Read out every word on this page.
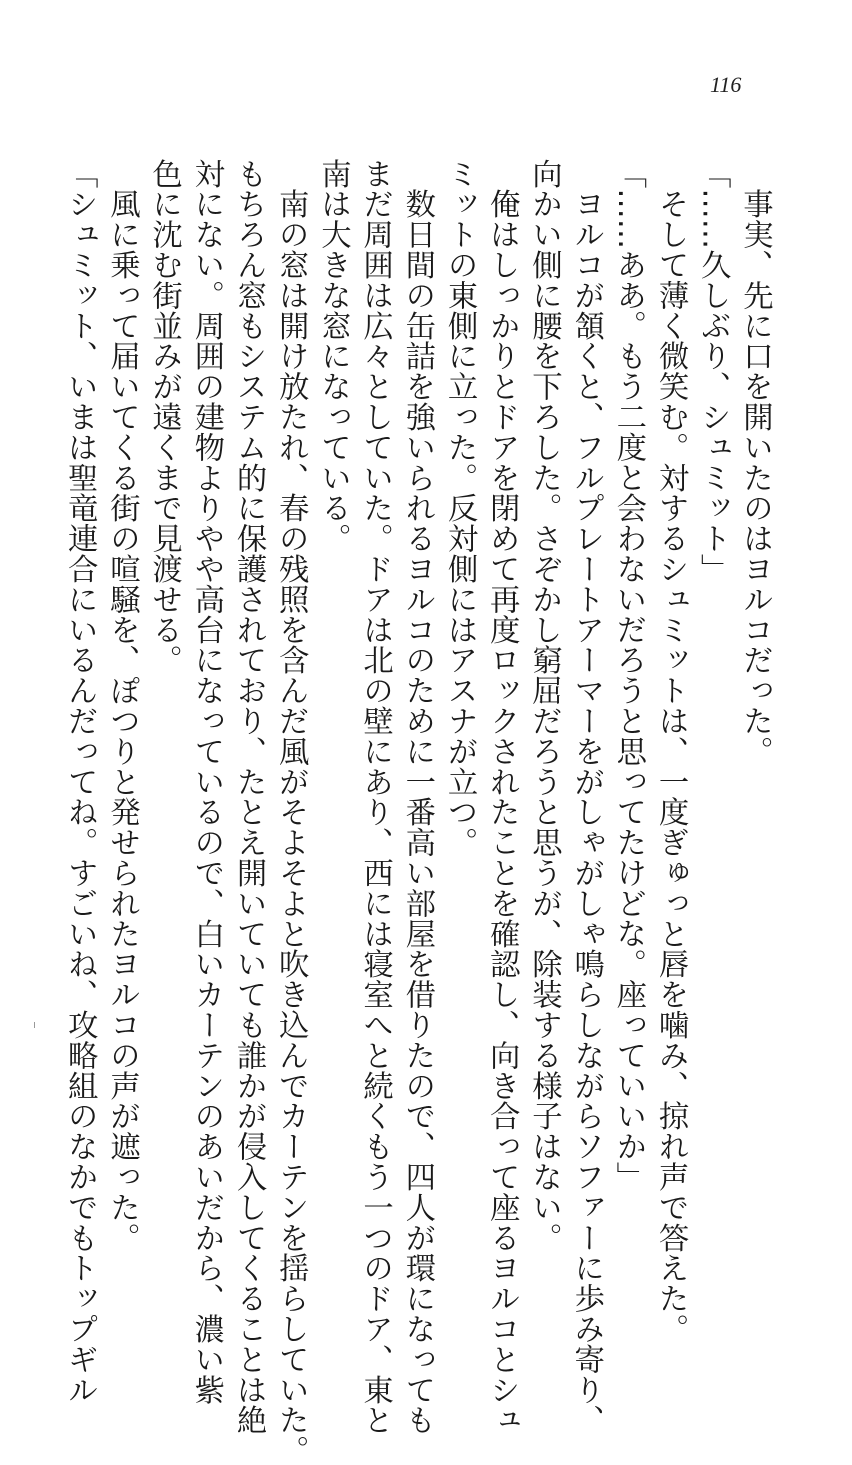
116

　事実、先に口を開いたのはヨルコだった。

「……久しぶり、シュミット」

　そして薄く微笑む。対するシュミットは、一度ぎゅっと唇を噛み、掠れ声で答えた。

「……ああ。もう二度と会わないだろうと思ってたけどな。座っていいか」

　ヨルコが頷くと、フルプレートアーマーをがしゃがしゃ鳴らしながらソファーに歩み寄り、

向かい側に腰を下ろした。さぞかし窮屈だろうと思うが、除装する様子はない。

　俺はしっかりとドアを閉めて再度ロックされたことを確認し、向き合って座るヨルコとシュ

ミットの東側に立った。反対側にはアスナが立つ。

　数日間の缶詰を強いられるヨルコのために一番高い部屋を借りたので、四人が環になっても

まだ周囲は広々としていた。ドアは北の壁にあり、西には寝室へと続くもう一つのドア、東と

南は大きな窓になっている。

　南の窓は開け放たれ、春の残照を含んだ風がそよそよと吹き込んでカーテンを揺らしていた。

もちろん窓もシステム的に保護されており、たとえ開いていても誰かが侵入してくることは絶

対にない。周囲の建物よりやや高台になっているので、白いカーテンのあいだから、濃い紫

色に沈む街並みが遠くまで見渡せる。

　風に乗って届いてくる街の喧騒を、ぽつりと発せられたヨルコの声が遮った。

「シュミット、いまは聖竜連合にいるんだってね。すごいね、攻略組のなかでもトップギル
